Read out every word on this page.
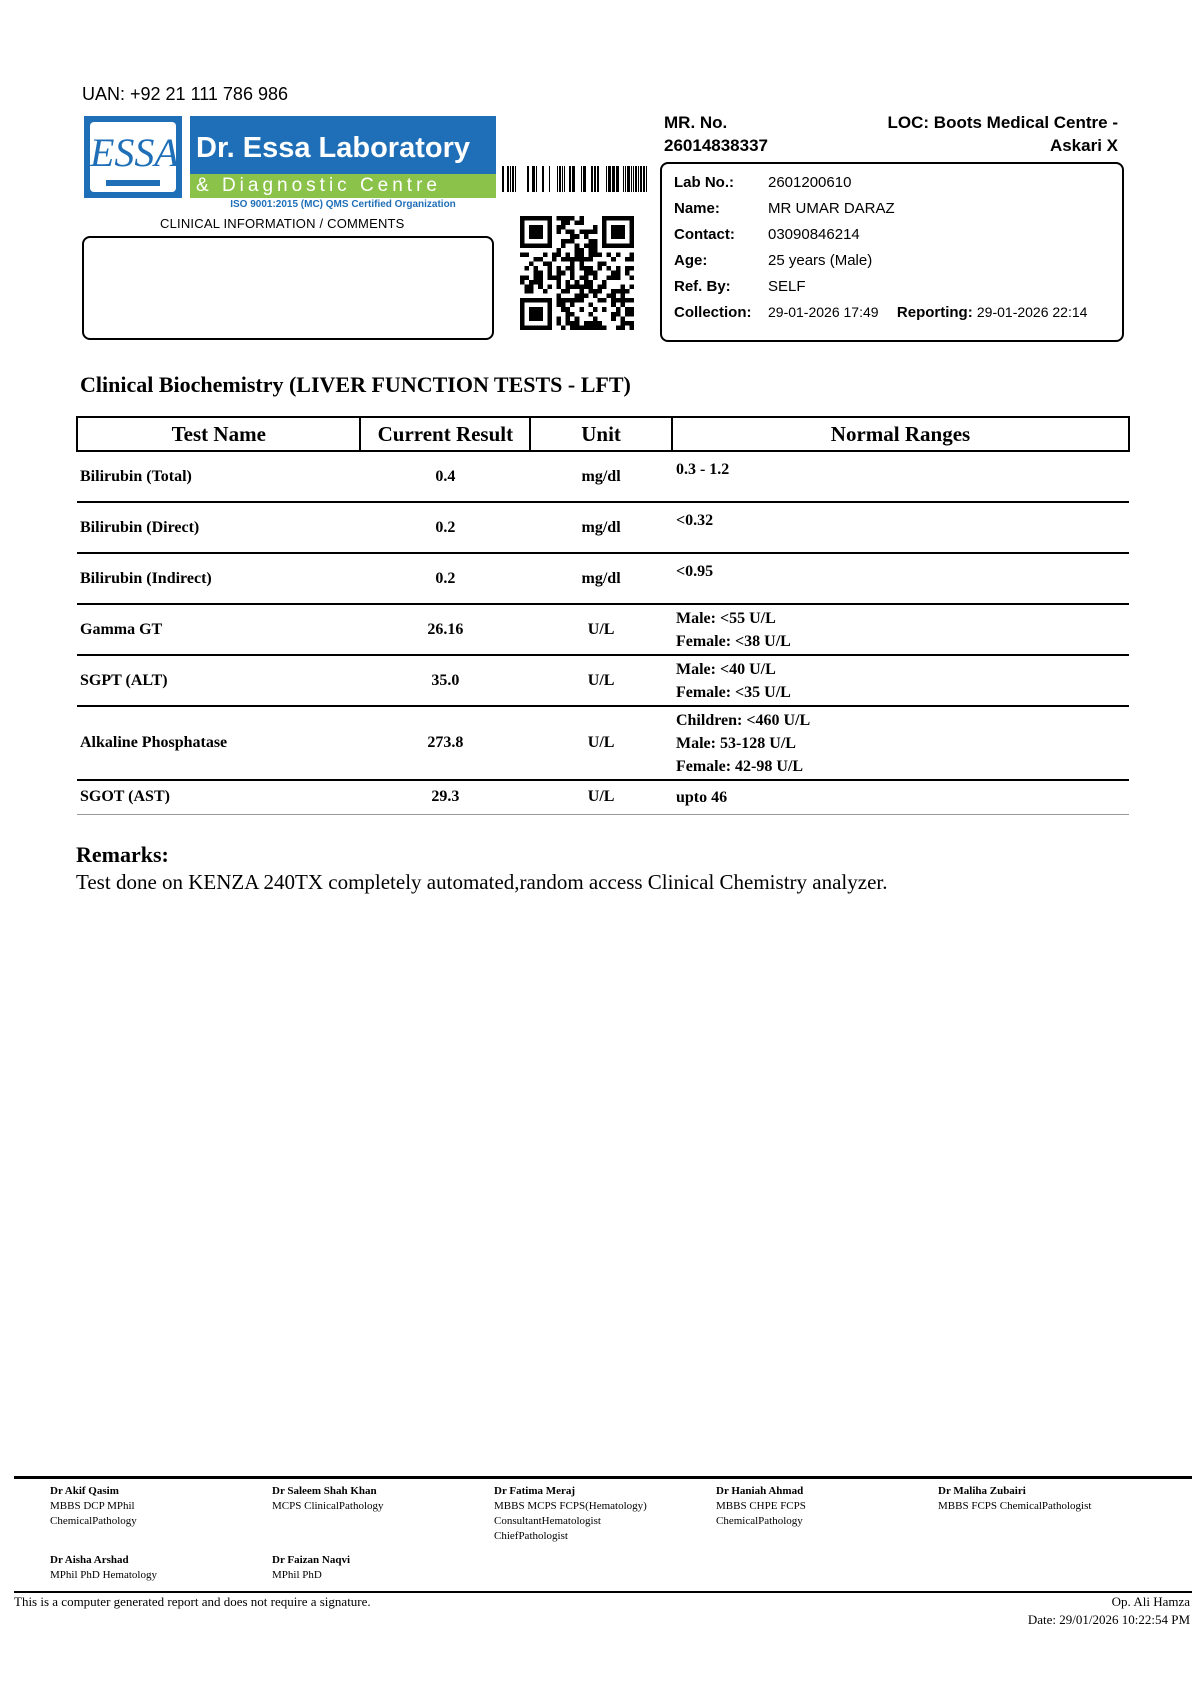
UAN: +92 21 111 786 986
ESSA Dr. Essa Laboratory
& Diagnostic Centre
ISO 9001:2015 (MC) QMS Certified Organization
CLINICAL INFORMATION / COMMENTS
MR. No.
26014838337
LOC: Boots Medical Centre -
Askari X
Lab No.: 2601200610
Name:	MR UMAR DARAZ
Contact: 03090846214
Age:	25 years (Male)
Ref. By: SELF
Collection: 29-01-2026 17:49 Reporting: 29-01-2026 22:14
Clinical Biochemistry (LIVER FUNCTION TESTS - LFT)
Test Name	Current Result	Unit	Normal Ranges
Bilirubin (Total)	0.4	mg/dl	0.3 - 1.2

Bilirubin (Direct)	0.2	mg/dl	<0.32

Bilirubin (Indirect)	0.2	mg/dl	<0.95

Gamma GT	26.16	U/L	Male: <55 U/L
Female: <38 U/L

SGPT (ALT)	35.0	U/L	Male: <40 U/L
Female: <35 U/L

Alkaline Phosphatase	273.8	U/L	Children: <460 U/L
Male: 53-128 U/L
Female: 42-98 U/L

SGOT (AST)	29.3	U/L	upto 46
Remarks:
Test done on KENZA 240TX completely automated,random access Clinical Chemistry analyzer.
Dr Akif Qasim
MBBS DCP MPhil
ChemicalPathology
Dr Saleem Shah Khan
MCPS ClinicalPathology
Dr Fatima Meraj
MBBS MCPS FCPS(Hematology)
ConsultantHematologist
ChiefPathologist
Dr Haniah Ahmad
MBBS CHPE FCPS
ChemicalPathology
Dr Maliha Zubairi
MBBS FCPS ChemicalPathologist
Dr Aisha Arshad
MPhil PhD Hematology
Dr Faizan Naqvi
MPhil PhD
This is a computer generated report and does not require a signature.	Op. Ali Hamza
Date: 29/01/2026 10:22:54 PM
